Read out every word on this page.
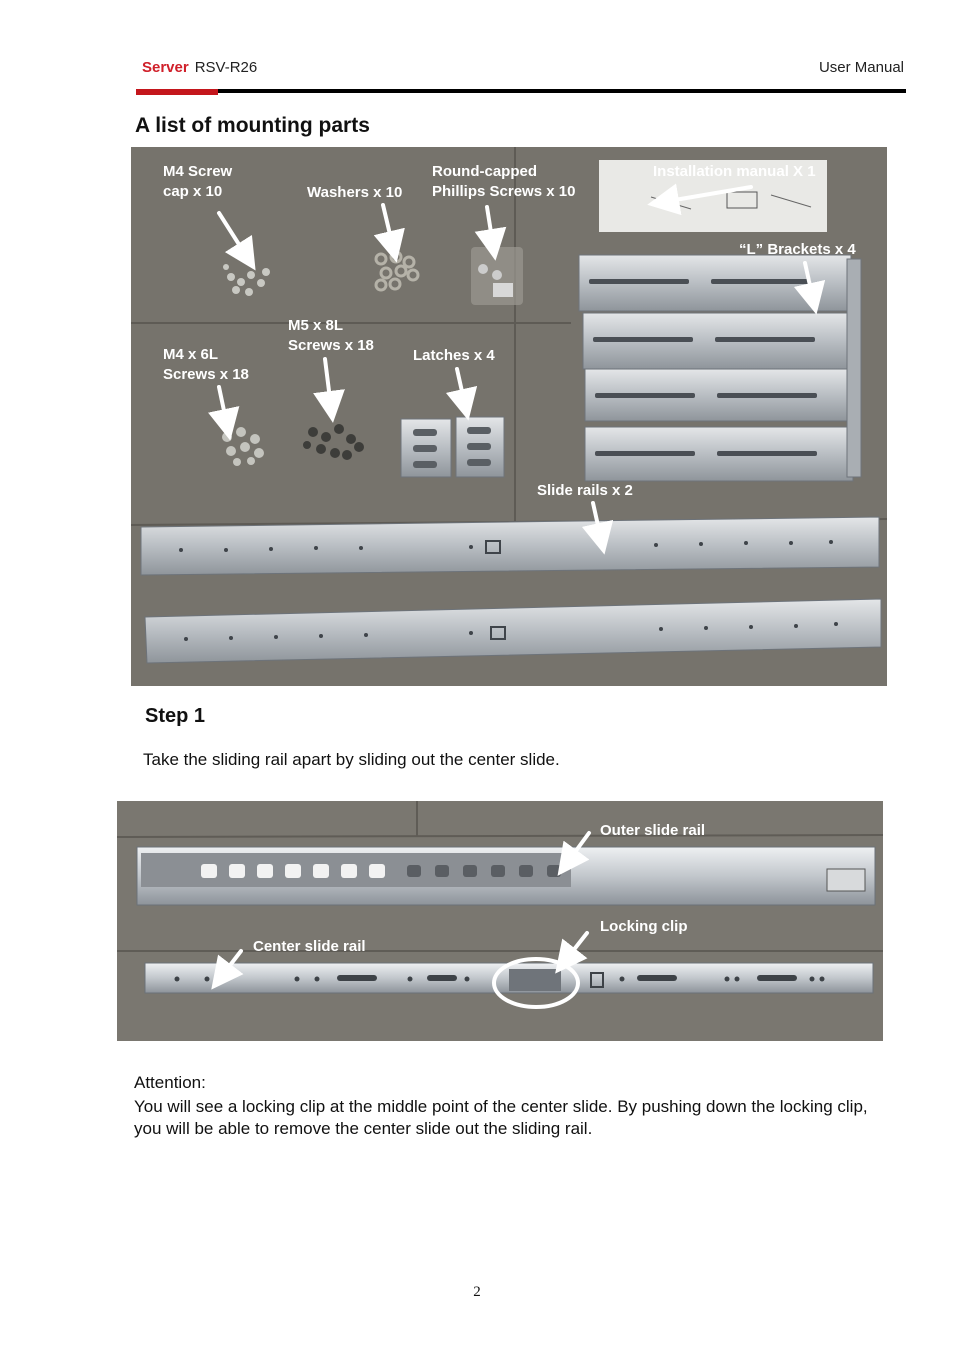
Server RSV-R26	User Manual
A list of mounting parts
M4 Screw
cap x 10	Washers x 10
Round-capped
Phillips Screws x 10
Installation manual X 1
“L” Brackets x 4
M5 x 8L
Screws x 18
M4 x 6L
Screws x 18
Latches x 4
Slide rails x 2
Step 1
Take the sliding rail apart by sliding out the center slide.
Outer slide rail
Locking clip
Center slide rail
Attention:
You will see a locking clip at the middle point of the center slide. By pushing down the locking clip, you will be able to remove the center slide out the sliding rail.
2
